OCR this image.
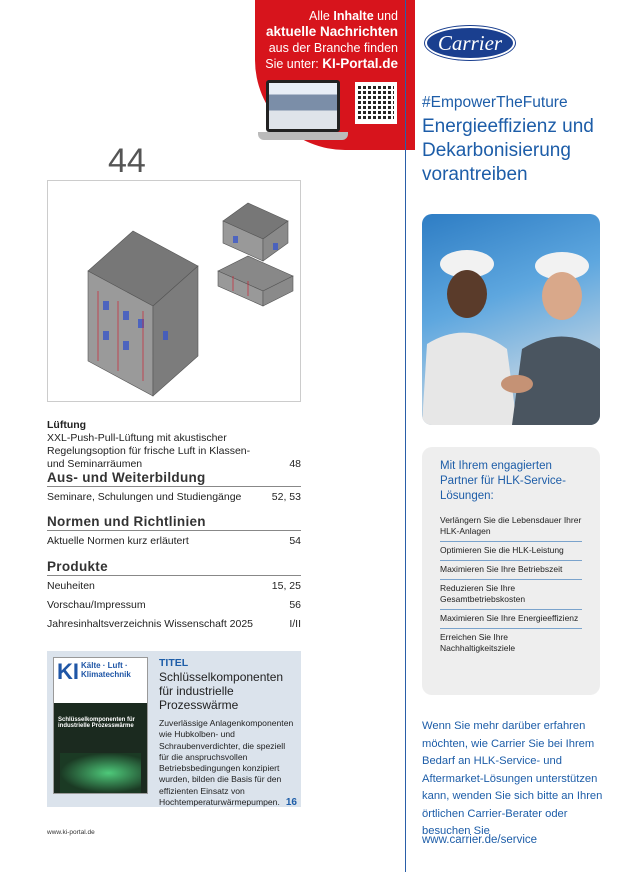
Alle Inhalte und
aktuelle Nachrichten
aus der Branche finden
Sie unter: KI-Portal.de
44
Lüftung
XXL-Push-Pull-Lüftung mit akustischer Regelungsoption für frische Luft in Klassen- und Seminarräumen	48
Aus- und Weiterbildung
Seminare, Schulungen und Studiengänge	52, 53
Normen und Richtlinien
Aktuelle Normen kurz erläutert	54
Produkte
Neuheiten	15, 25
Vorschau/Impressum	56
Jahresinhaltsverzeichnis Wissenschaft 2025	I/II
KI Kälte · Luft · Klimatechnik
Schlüsselkomponenten für industrielle Prozesswärme
TITEL
Schlüsselkomponenten für industrielle Prozesswärme
Zuverlässige Anlagenkomponenten wie Hubkolben- und Schraubenverdichter, die speziell für die anspruchsvollen Betriebsbedingungen konzipiert wurden, bilden die Basis für den effizienten Einsatz von Hochtemperaturwärmepumpen. 16
www.ki-portal.de
Carrier
#EmpowerTheFuture
Energieeffizienz und Dekarbonisierung vorantreiben
Mit Ihrem engagierten Partner für HLK-Service-Lösungen:
Verlängern Sie die Lebensdauer Ihrer HLK-Anlagen
Optimieren Sie die HLK-Leistung
Maximieren Sie Ihre Betriebszeit
Reduzieren Sie Ihre Gesamtbetriebskosten
Maximieren Sie Ihre Energieeffizienz
Erreichen Sie Ihre Nachhaltigkeitsziele
Wenn Sie mehr darüber erfahren möchten, wie Carrier Sie bei Ihrem Bedarf an HLK-Service- und Aftermarket-Lösungen unterstützen kann, wenden Sie sich bitte an Ihren örtlichen Carrier-Berater oder besuchen Sie
www.carrier.de/service
